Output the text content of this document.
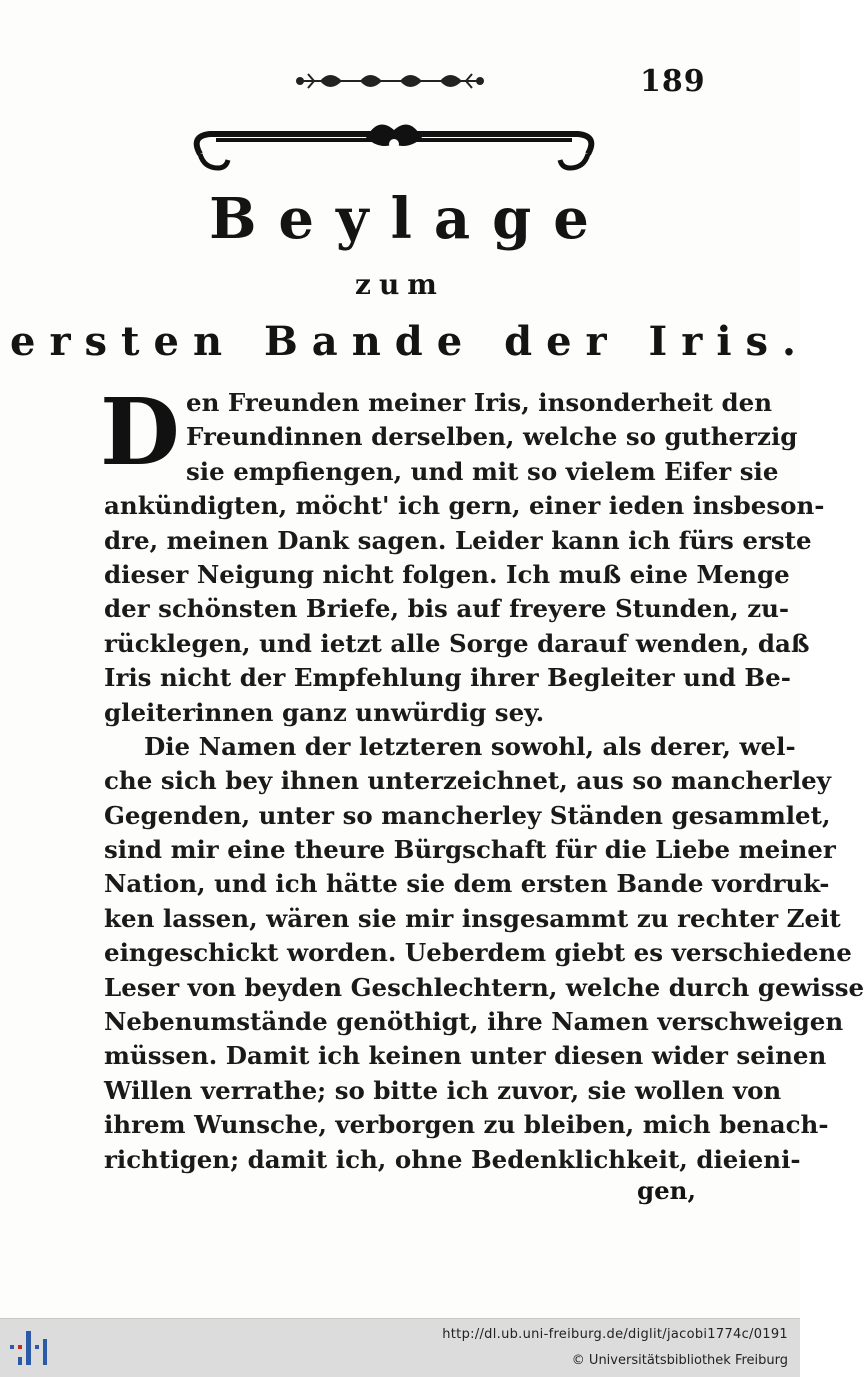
189
Beylage
zum
ersten Bande der Iris.
D en Freunden meiner Iris, insonderheit den
Freundinnen derselben, welche so gutherzig
sie empfiengen, und mit so vielem Eifer sie
ankündigten, möcht' ich gern, einer ieden insbeson-
dre, meinen Dank sagen. Leider kann ich fürs erste
dieser Neigung nicht folgen. Ich muß eine Menge
der schönsten Briefe, bis auf freyere Stunden, zu-
rücklegen, und ietzt alle Sorge darauf wenden, daß
Iris nicht der Empfehlung ihrer Begleiter und Be-
gleiterinnen ganz unwürdig sey.
Die Namen der letzteren sowohl, als derer, wel-
che sich bey ihnen unterzeichnet, aus so mancherley
Gegenden, unter so mancherley Ständen gesammlet,
sind mir eine theure Bürgschaft für die Liebe meiner
Nation, und ich hätte sie dem ersten Bande vordruk-
ken lassen, wären sie mir insgesammt zu rechter Zeit
eingeschickt worden. Ueberdem giebt es verschiedene
Leser von beyden Geschlechtern, welche durch gewisse
Nebenumstände genöthigt, ihre Namen verschweigen
müssen. Damit ich keinen unter diesen wider seinen
Willen verrathe; so bitte ich zuvor, sie wollen von
ihrem Wunsche, verborgen zu bleiben, mich benach-
richtigen; damit ich, ohne Bedenklichkeit, dieieni-
gen,
http://dl.ub.uni-freiburg.de/diglit/jacobi1774c/0191
© Universitätsbibliothek Freiburg
